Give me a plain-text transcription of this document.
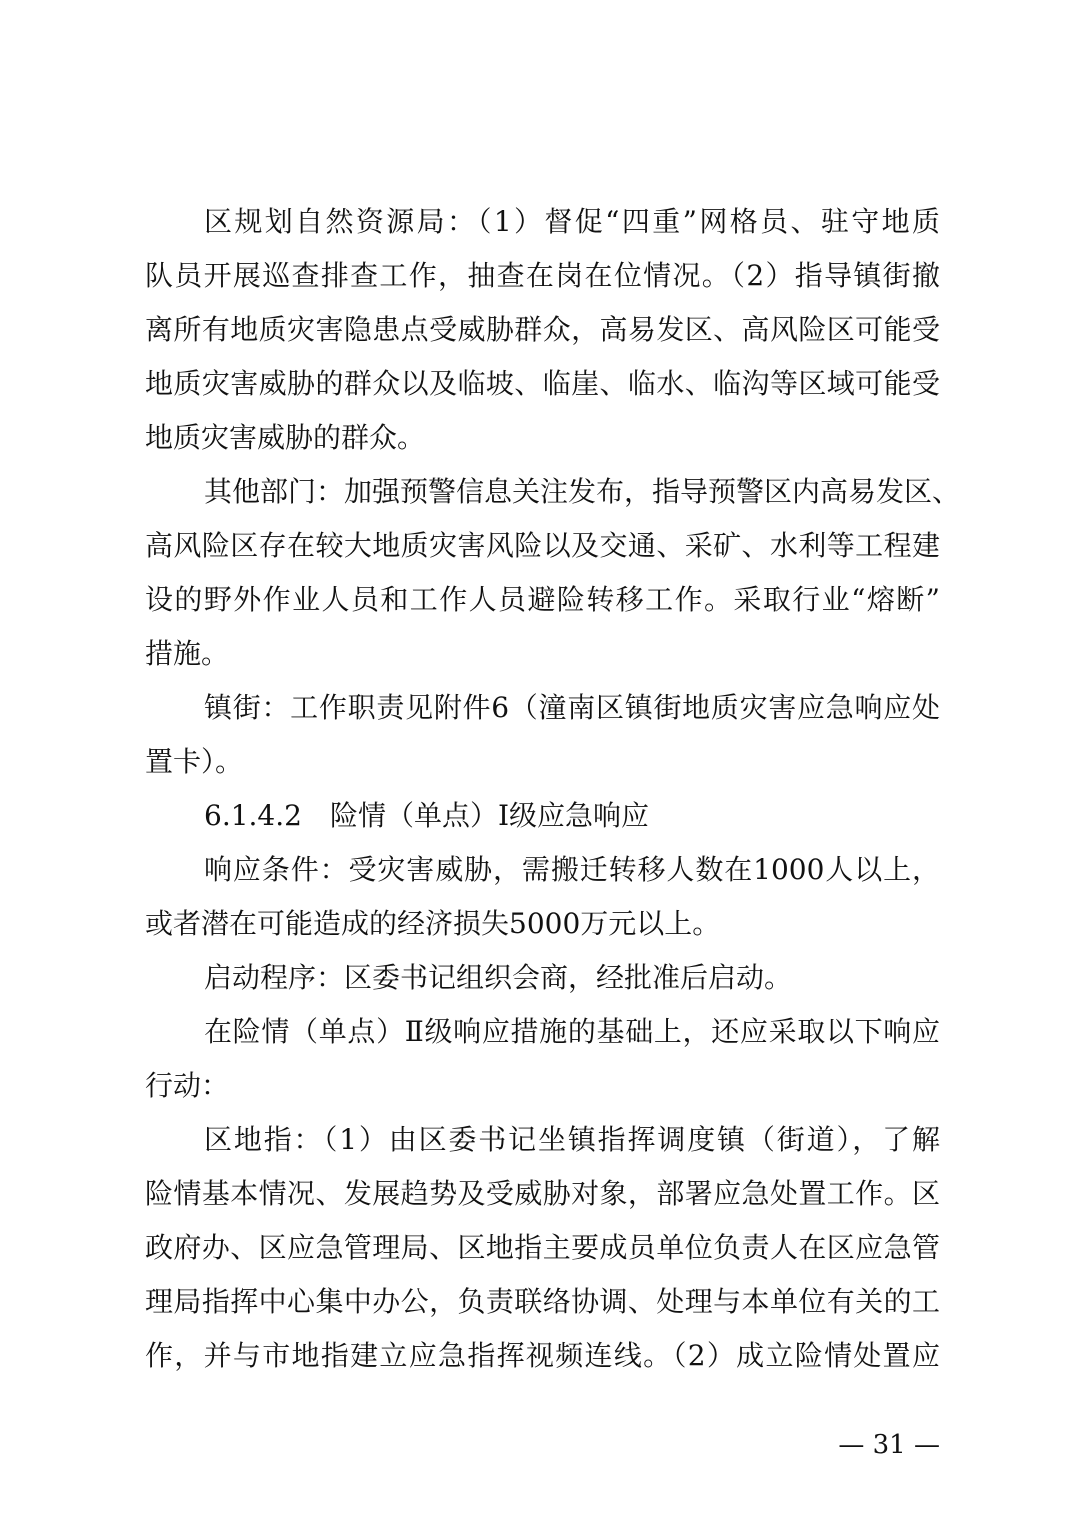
区规划自然资源局：（1）督促“四重”网格员、驻守地质
队员开展巡查排查工作，抽查在岗在位情况。（2）指导镇街撤
离所有地质灾害隐患点受威胁群众，高易发区、高风险区可能受
地质灾害威胁的群众以及临坡、临崖、临水、临沟等区域可能受
地质灾害威胁的群众。
其他部门：加强预警信息关注发布，指导预警区内高易发区、
高风险区存在较大地质灾害风险以及交通、采矿、水利等工程建
设的野外作业人员和工作人员避险转移工作。采取行业“熔断”
措施。
镇街：工作职责见附件6（潼南区镇街地质灾害应急响应处
置卡）。
6.1.4.2　险情（单点）Ⅰ级应急响应
响应条件：受灾害威胁，需搬迁转移人数在1000人以上，
或者潜在可能造成的经济损失5000万元以上。
启动程序：区委书记组织会商，经批准后启动。
在险情（单点）Ⅱ级响应措施的基础上，还应采取以下响应
行动：
区地指：（1）由区委书记坐镇指挥调度镇（街道），了解
险情基本情况、发展趋势及受威胁对象，部署应急处置工作。区
政府办、区应急管理局、区地指主要成员单位负责人在区应急管
理局指挥中心集中办公，负责联络协调、处理与本单位有关的工
作，并与市地指建立应急指挥视频连线。（2）成立险情处置应
— 31 —
